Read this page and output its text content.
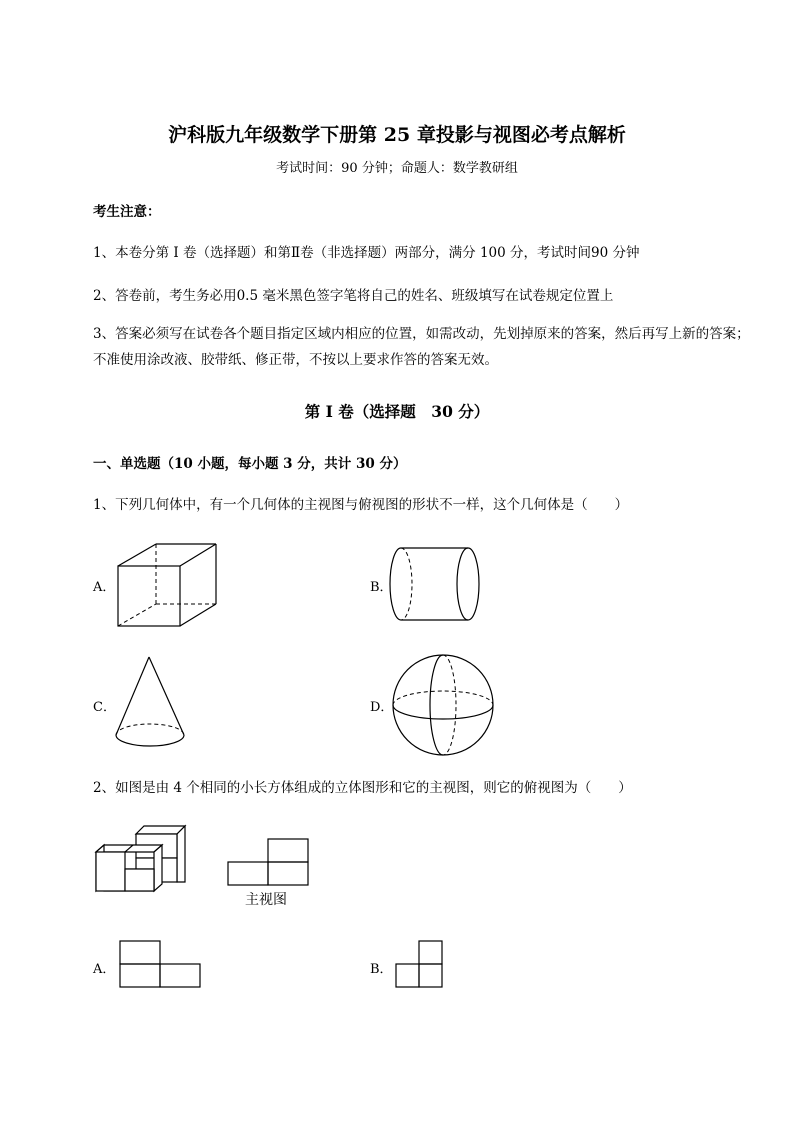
沪科版九年级数学下册第 25 章投影与视图必考点解析
考试时间：90 分钟；命题人：数学教研组
考生注意：
1、本卷分第 I 卷（选择题）和第Ⅱ卷（非选择题）两部分，满分 100 分，考试时间90 分钟
2、答卷前，考生务必用0.5 毫米黑色签字笔将自己的姓名、班级填写在试卷规定位置上
3、答案必须写在试卷各个题目指定区域内相应的位置，如需改动，先划掉原来的答案，然后再写上新的答案；不准使用涂改液、胶带纸、修正带，不按以上要求作答的答案无效。
第 I 卷（选择题　30 分）
一、单选题（10 小题，每小题 3 分，共计 30 分）
1、下列几何体中，有一个几何体的主视图与俯视图的形状不一样，这个几何体是（　　）
A．	B．
C．	D．
2、如图是由 4 个相同的小长方体组成的立体图形和它的主视图，则它的俯视图为（　　）
主视图
A．	B．
